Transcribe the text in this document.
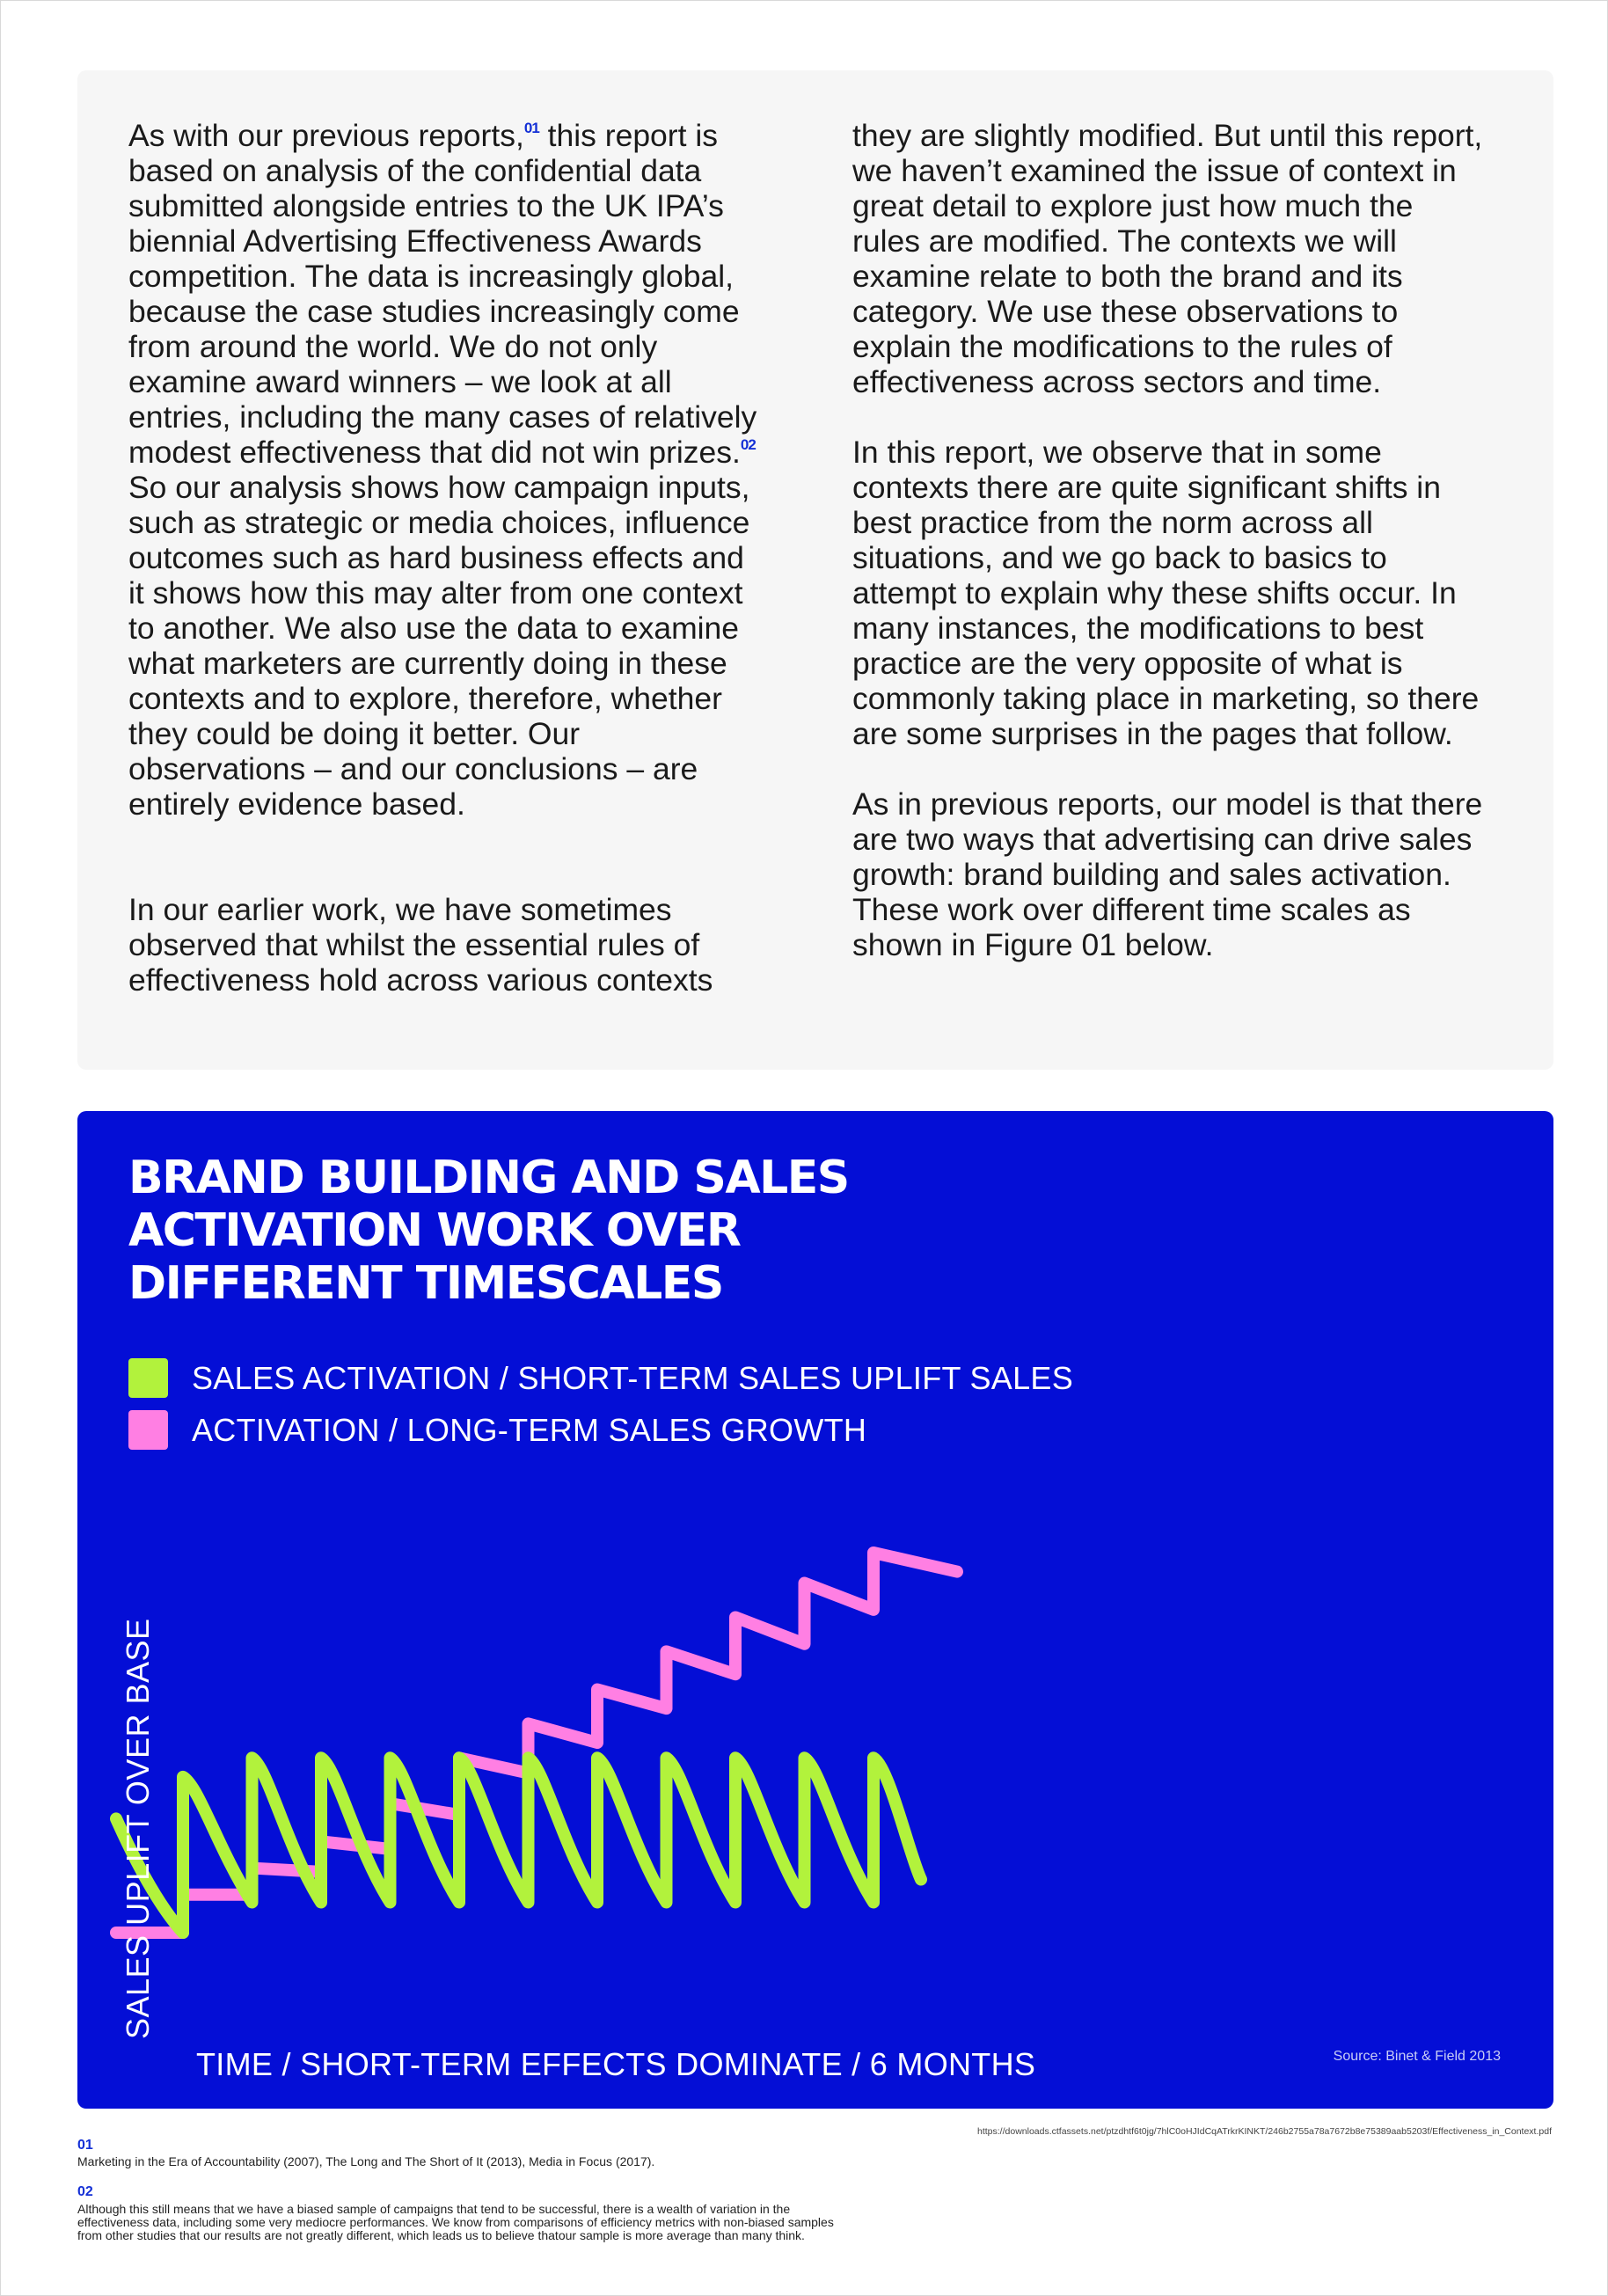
As with our previous reports,$^{01}$ this report is based on analysis of the confidential data submitted alongside entries to the UK IPA’s biennial Advertising Effectiveness Awards competition. The data is increasingly global, because the case studies increasingly come from around the world. We do not only examine award winners – we look at all entries, including the many cases of relatively modest effectiveness that did not win prizes.$^{02}$ So our analysis shows how campaign inputs, such as strategic or media choices, influence outcomes such as hard business effects and it shows how this may alter from one context to another. We also use the data to examine what marketers are currently doing in these contexts and to explore, therefore, whether they could be doing it better. Our observations – and our conclusions – are entirely evidence based.

In our earlier work, we have sometimes observed that whilst the essential rules of effectiveness hold across various contexts

they are slightly modified. But until this report, we haven’t examined the issue of context in great detail to explore just how much the rules are modified. The contexts we will examine relate to both the brand and its category. We use these observations to explain the modifications to the rules of effectiveness across sectors and time.

In this report, we observe that in some contexts there are quite significant shifts in best practice from the norm across all situations, and we go back to basics to attempt to explain why these shifts occur. In many instances, the modifications to best practice are the very opposite of what is commonly taking place in marketing, so there are some surprises in the pages that follow.

As in previous reports, our model is that there are two ways that advertising can drive sales growth: brand building and sales activation. These work over different time scales as shown in Figure 01 below.

BRAND BUILDING AND SALES
ACTIVATION WORK OVER
DIFFERENT TIMESCALES
SALES ACTIVATION / SHORT-TERM SALES UPLIFT SALES
ACTIVATION / LONG-TERM SALES GROWTH
SALES UPLIFT OVER BASE
TIME / SHORT-TERM EFFECTS DOMINATE / 6 MONTHS	Source: Binet & Field 2013
https://downloads.ctfassets.net/ptzdhtf6t0jg/7hlC0oHJIdCqATrkrKINKT/246b2755a78a7672b8e75389aab5203f/Effectiveness_in_Context.pdf
01
Marketing in the Era of Accountability (2007), The Long and The Short of It (2013), Media in Focus (2017).
02
Although this still means that we have a biased sample of campaigns that tend to be successful, there is a wealth of variation in the effectiveness data, including some very mediocre performances. We know from comparisons of efficiency metrics with non-biased samples from other studies that our results are not greatly different, which leads us to believe thatour sample is more average than many think.
